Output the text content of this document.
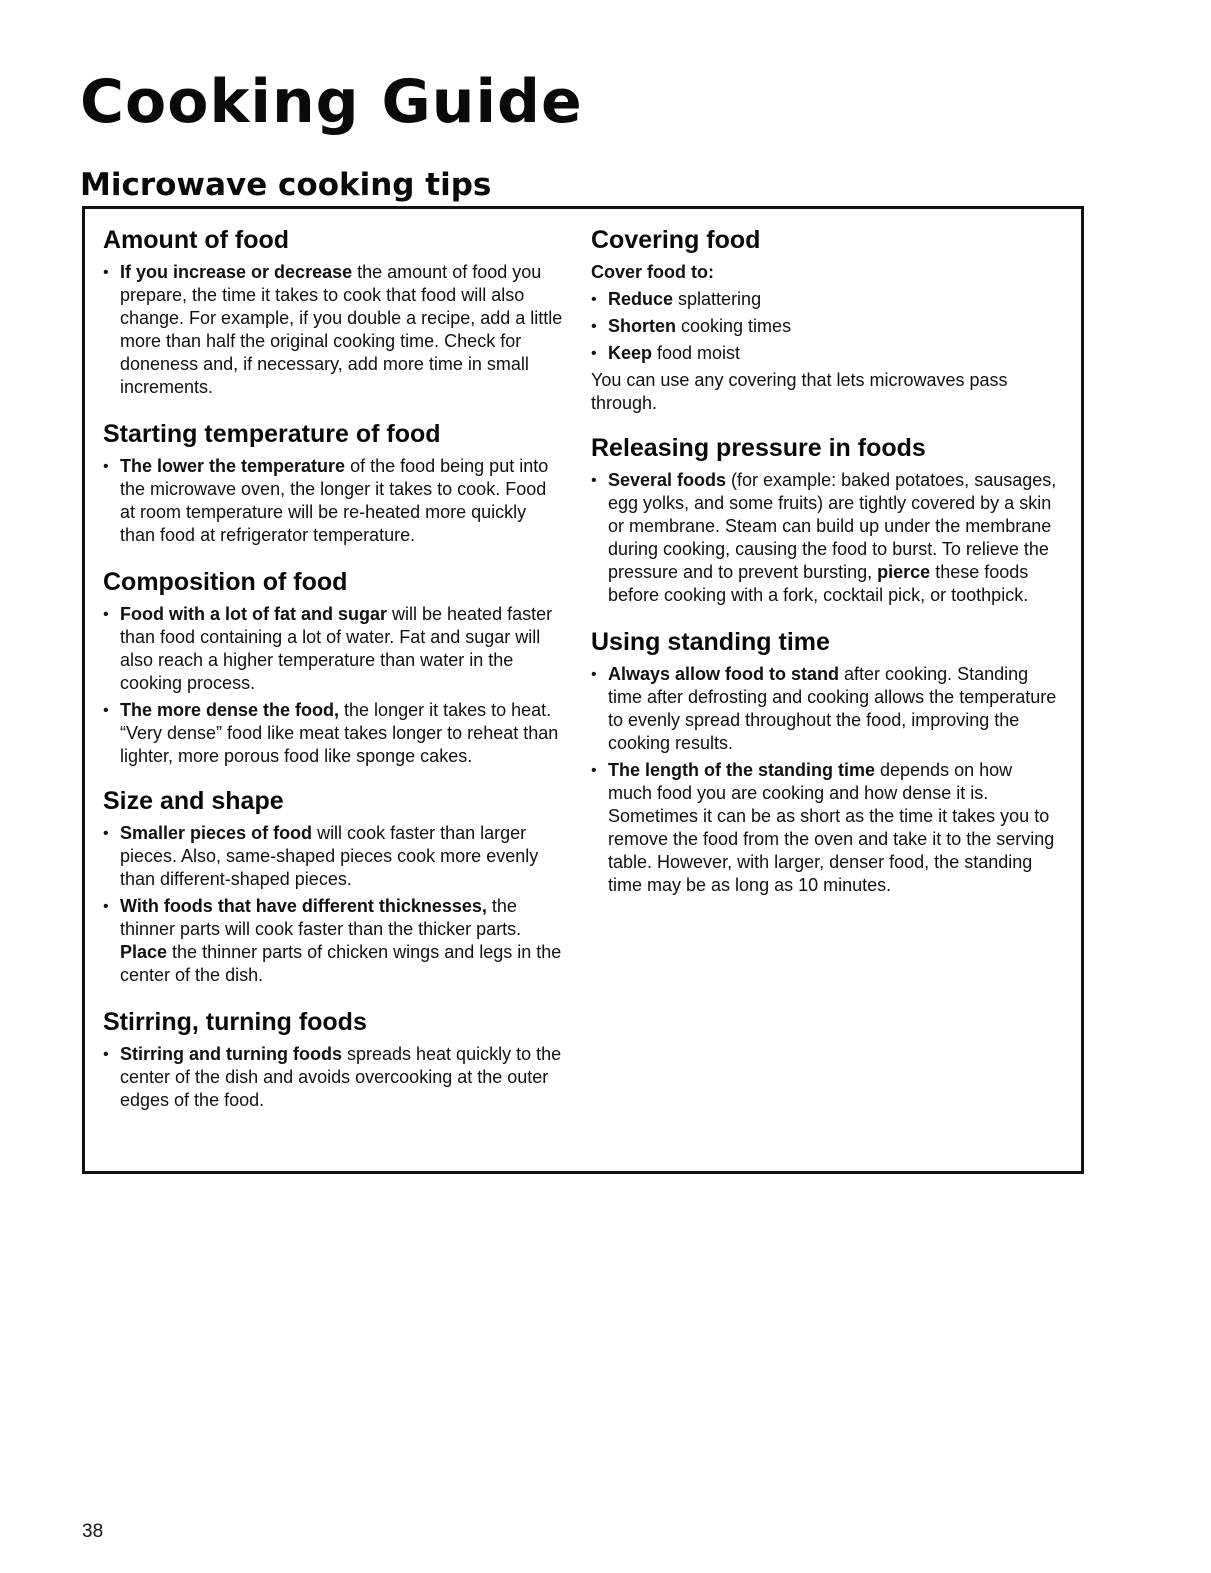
Cooking Guide
Microwave cooking tips
Amount of food
• If you increase or decrease the amount of food you prepare, the time it takes to cook that food will also change. For example, if you double a recipe, add a little more than half the original cooking time. Check for doneness and, if necessary, add more time in small increments.
Starting temperature of food
• The lower the temperature of the food being put into the microwave oven, the longer it takes to cook. Food at room temperature will be re-heated more quickly than food at refrigerator temperature.
Composition of food
• Food with a lot of fat and sugar will be heated faster than food containing a lot of water. Fat and sugar will also reach a higher temperature than water in the cooking process.
• The more dense the food, the longer it takes to heat. “Very dense” food like meat takes longer to reheat than lighter, more porous food like sponge cakes.
Size and shape
• Smaller pieces of food will cook faster than larger pieces. Also, same-shaped pieces cook more evenly than different-shaped pieces.
• With foods that have different thicknesses, the thinner parts will cook faster than the thicker parts. Place the thinner parts of chicken wings and legs in the center of the dish.
Stirring, turning foods
• Stirring and turning foods spreads heat quickly to the center of the dish and avoids overcooking at the outer edges of the food.
Covering food

Cover food to:

• Reduce splattering
• Shorten cooking times
• Keep food moist

You can use any covering that lets microwaves pass through.

Releasing pressure in foods
• Several foods (for example: baked potatoes, sausages, egg yolks, and some fruits) are tightly covered by a skin or membrane. Steam can build up under the membrane during cooking, causing the food to burst. To relieve the pressure and to prevent bursting, pierce these foods before cooking with a fork, cocktail pick, or toothpick.
Using standing time
• Always allow food to stand after cooking. Standing time after defrosting and cooking allows the temperature to evenly spread throughout the food, improving the cooking results.
• The length of the standing time depends on how much food you are cooking and how dense it is. Sometimes it can be as short as the time it takes you to remove the food from the oven and take it to the serving table. However, with larger, denser food, the standing time may be as long as 10 minutes.
38
